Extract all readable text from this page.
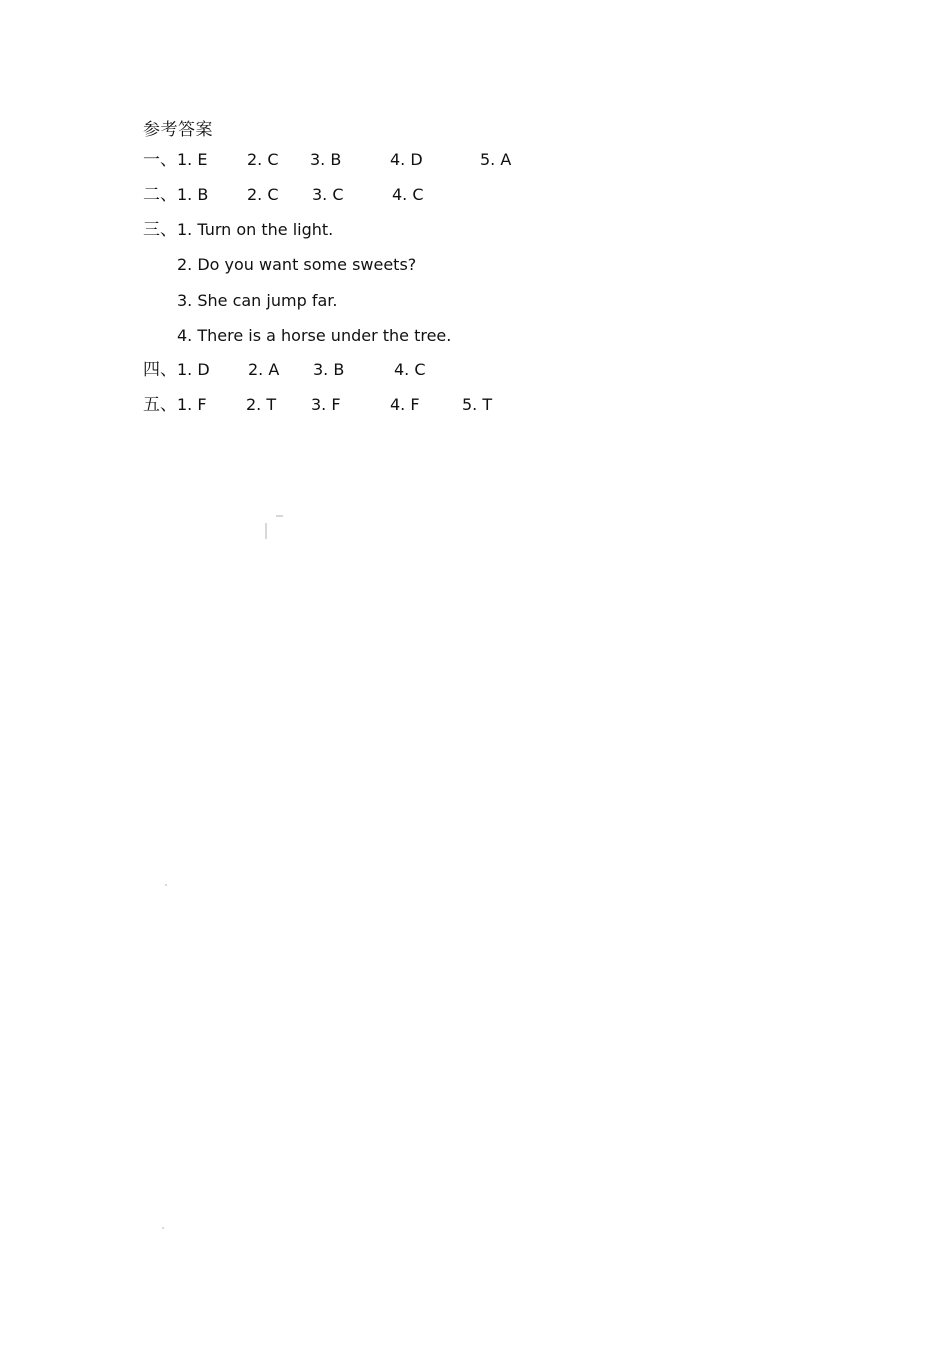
参考答案
一、 1. E 2. C 3. B	4. D	5. A
二、 1. B 2. C 3. C	4. C
三、 1. Turn on the light.
2. Do you want some sweets?
3. She can jump far.
4. There is a horse under the tree.
四、 1. D 2. A 3. B	4. C
五、 1. F 2. T 3. F	4. F	5. T
